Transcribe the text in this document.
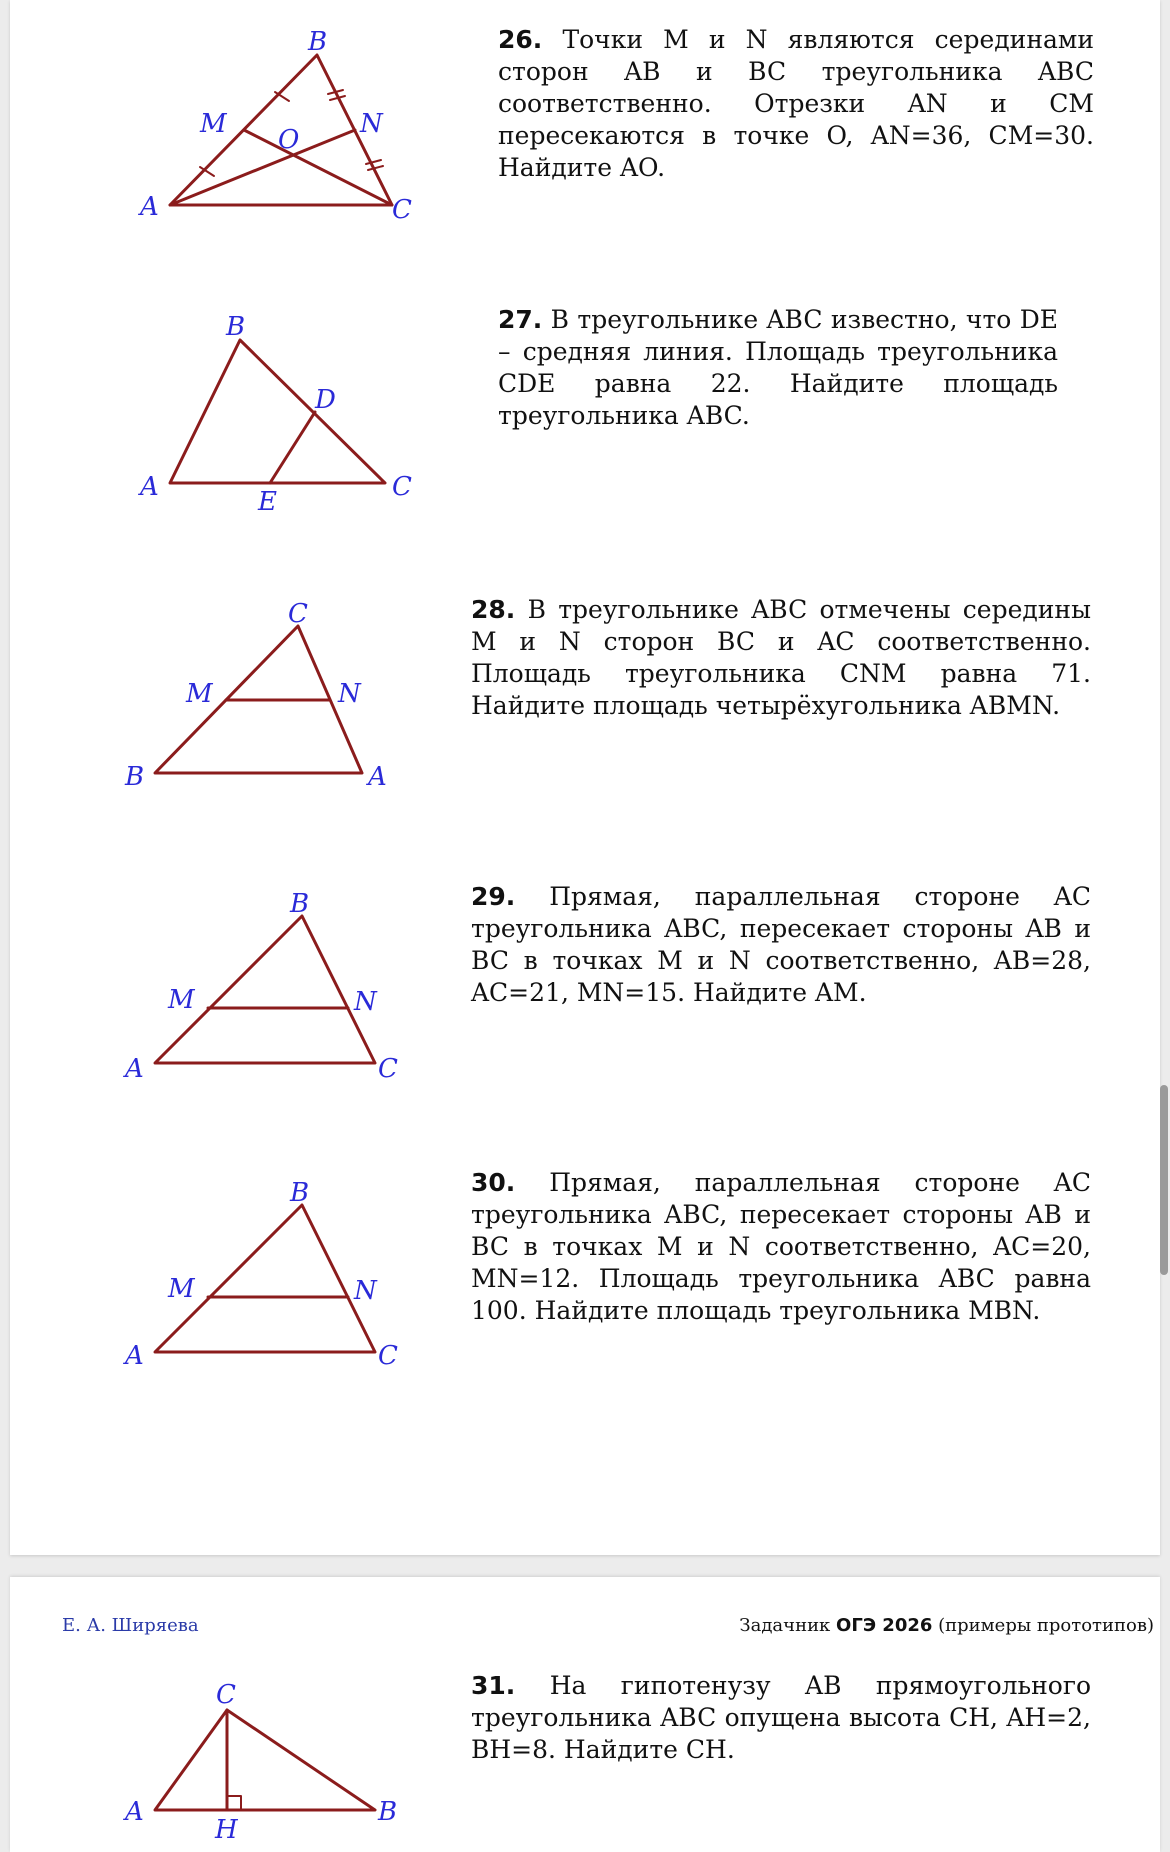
B
M
O
N
A	C
26. Точки M и N являются серединами сторон AB и BC треугольника ABC соответственно. Отрезки AN и CM пересекаются в точке O, AN=36, CM=30. Найдите AO.
B
D
A	E	C
27. В треугольнике ABC известно, что DE – средняя линия. Площадь треугольника CDE равна 22. Найдите площадь треугольника ABC.
C
M	N
B	A
28. В треугольнике ABC отмечены середины M и N сторон BC и AC соответственно. Площадь треугольника CNM равна 71. Найдите площадь четырёхугольника ABMN.
B
M	N
A	C
29. Прямая, параллельная стороне AC треугольника ABC, пересекает стороны AB и BC в точках M и N соответственно, AB=28, AC=21, MN=15. Найдите AM.
B
M	N
A	C
30. Прямая, параллельная стороне AC треугольника ABC, пересекает стороны AB и BC в точках M и N соответственно, AC=20, MN=12. Площадь треугольника ABC равна 100. Найдите площадь треугольника MBN.
Е. А. Ширяева	Задачник ОГЭ 2026 (примеры прототипов)
C
A
H
B
31. На гипотенузу AB прямоугольного треугольника ABC опущена высота CH, AH=2, BH=8. Найдите CH.
